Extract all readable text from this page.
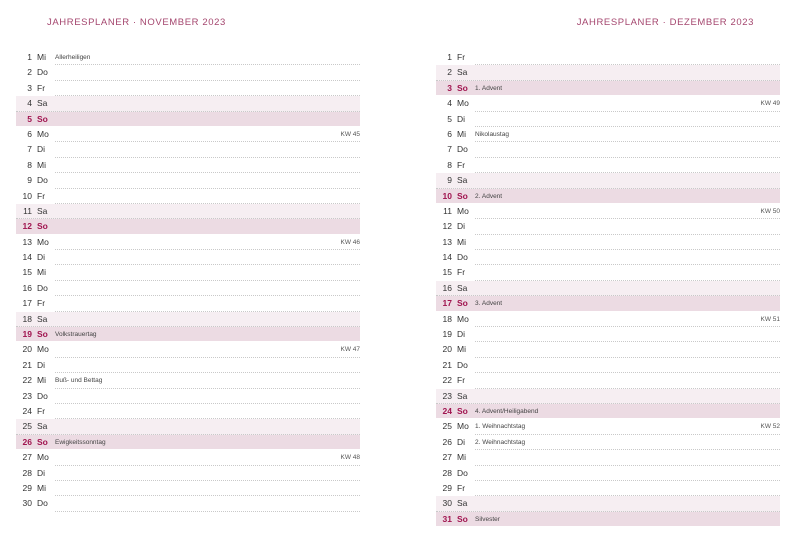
JAHRESPLANER · NOVEMBER 2023	JAHRESPLANER · DEZEMBER 2023
1 Mi Allerheiligen
2 Do
3 Fr
4 Sa
5 So
6 Mo	KW 45
7 Di
8 Mi
9 Do
10 Fr
11 Sa
12 So
13 Mo	KW 46
14 Di
15 Mi
16 Do
17 Fr
18 Sa
19 So Volkstrauertag
20 Mo	KW 47
21 Di
22 Mi Buß- und Bettag
23 Do
24 Fr
25 Sa
26 So Ewigkeitssonntag
27 Mo	KW 48
28 Di
29 Mi
30 Do
1 Fr
2 Sa
3 So 1. Advent
4 Mo	KW 49
5 Di
6 Mi Nikolaustag
7 Do
8 Fr
9 Sa
10 So 2. Advent
11 Mo	KW 50
12 Di
13 Mi
14 Do
15 Fr
16 Sa
17 So 3. Advent
18 Mo	KW 51
19 Di
20 Mi
21 Do
22 Fr
23 Sa
24 So 4. Advent/Heiligabend
25 Mo 1. Weihnachtstag	KW 52
26 Di 2. Weihnachtstag
27 Mi
28 Do
29 Fr
30 Sa
31 So Silvester
